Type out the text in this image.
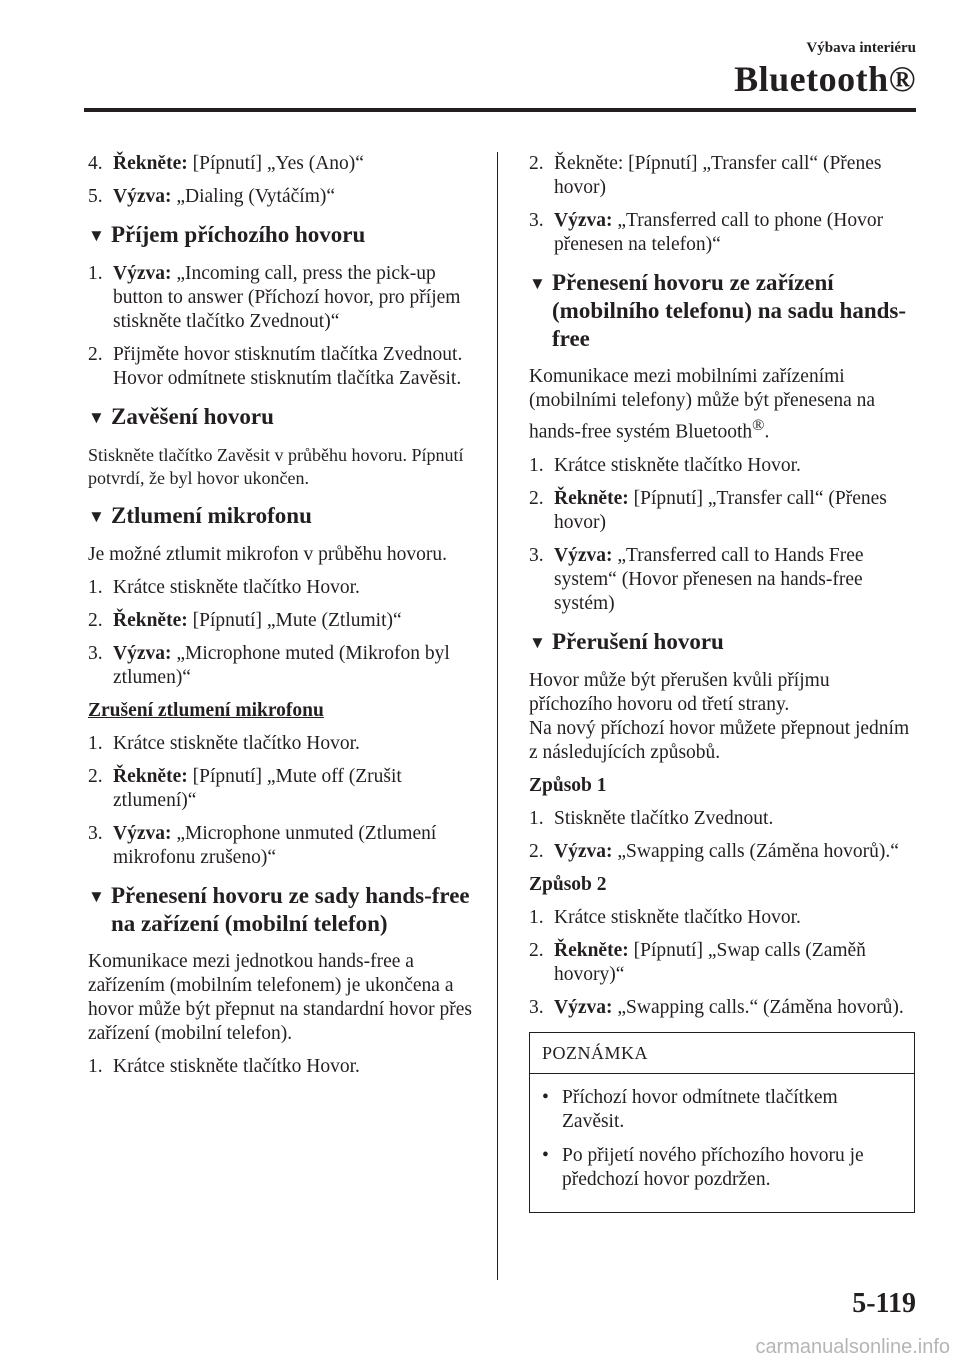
Výbava interiéru
Bluetooth®
4. Řekněte: [Pípnutí] „Yes (Ano)“
5. Výzva: „Dialing (Vytáčím)“
▼ Příjem příchozího hovoru
1. Výzva: „Incoming call, press the pick-up button to answer (Příchozí hovor, pro příjem stiskněte tlačítko Zvednout)“
2. Přijměte hovor stisknutím tlačítka Zvednout.
Hovor odmítnete stisknutím tlačítka Zavěsit.
▼ Zavěšení hovoru
Stiskněte tlačítko Zavěsit v průběhu hovoru. Pípnutí potvrdí, že byl hovor ukončen.
▼ Ztlumení mikrofonu
Je možné ztlumit mikrofon v průběhu hovoru.
1. Krátce stiskněte tlačítko Hovor.
2. Řekněte: [Pípnutí] „Mute (Ztlumit)“
3. Výzva: „Microphone muted (Mikrofon byl ztlumen)“
Zrušení ztlumení mikrofonu
1. Krátce stiskněte tlačítko Hovor.
2. Řekněte: [Pípnutí] „Mute off (Zrušit ztlumení)“
3. Výzva: „Microphone unmuted (Ztlumení mikrofonu zrušeno)“
▼ Přenesení hovoru ze sady hands-free na zařízení (mobilní telefon)
Komunikace mezi jednotkou hands-free a zařízením (mobilním telefonem) je ukončena a hovor může být přepnut na standardní hovor přes zařízení (mobilní telefon).
1. Krátce stiskněte tlačítko Hovor.
2. Řekněte: [Pípnutí] „Transfer call“ (Přenes hovor)
3. Výzva: „Transferred call to phone (Hovor přenesen na telefon)“
▼ Přenesení hovoru ze zařízení (mobilního telefonu) na sadu hands-free
Komunikace mezi mobilními zařízeními (mobilními telefony) může být přenesena na hands-free systém Bluetooth®.
1. Krátce stiskněte tlačítko Hovor.
2. Řekněte: [Pípnutí] „Transfer call“ (Přenes hovor)
3. Výzva: „Transferred call to Hands Free system“ (Hovor přenesen na hands-free systém)
▼ Přerušení hovoru
Hovor může být přerušen kvůli příjmu příchozího hovoru od třetí strany.
Na nový příchozí hovor můžete přepnout jedním z následujících způsobů.
Způsob 1
1. Stiskněte tlačítko Zvednout.
2. Výzva: „Swapping calls (Záměna hovorů).“
Způsob 2
1. Krátce stiskněte tlačítko Hovor.
2. Řekněte: [Pípnutí] „Swap calls (Zaměň hovory)“
3. Výzva: „Swapping calls.“ (Záměna hovorů).
POZNÁMKA
• Příchozí hovor odmítnete tlačítkem Zavěsit.
• Po přijetí nového příchozího hovoru je předchozí hovor pozdržen.
5-119
carmanualsonline.info
